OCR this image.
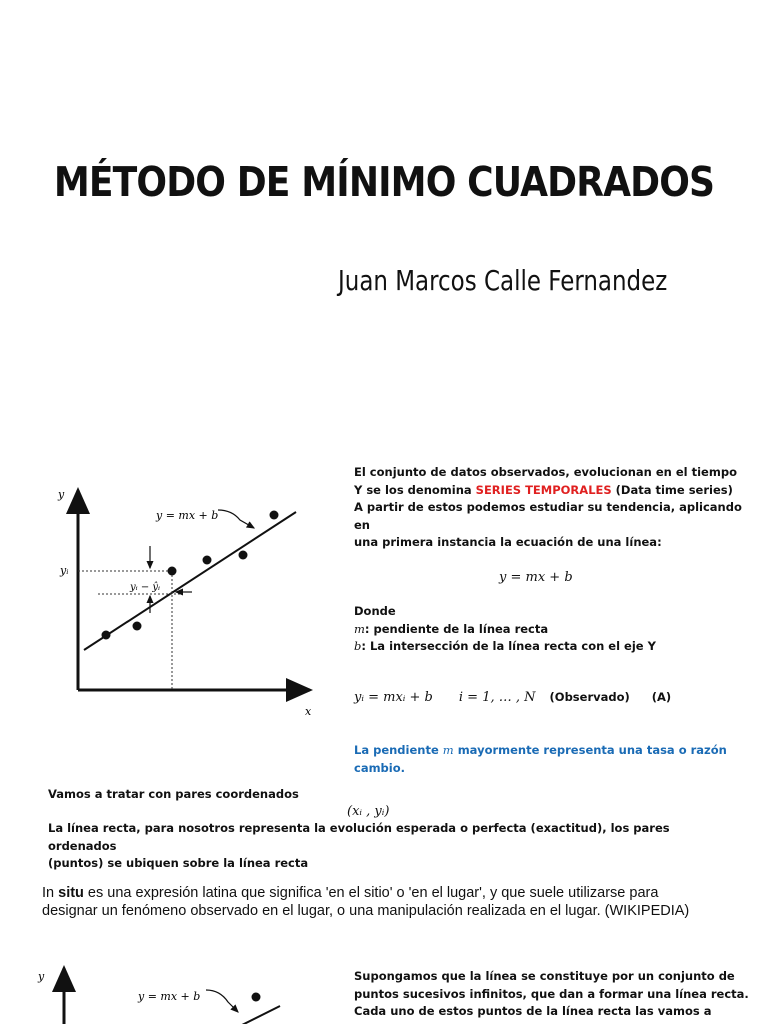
MÉTODO DE MÍNIMO CUADRADOS
Juan Marcos Calle Fernandez
y
x
yᵢ
y = mx + b
yᵢ − ŷᵢ
El conjunto de datos observados, evolucionan en el tiempo
Y se los denomina SERIES TEMPORALES (Data time series)
A partir de estos podemos estudiar su tendencia, aplicando en
una primera instancia la ecuación de una línea:
y = mx + b
Donde
m: pendiente de la línea recta
b: La intersección de la línea recta con el eje Y
yᵢ = mxᵢ + b i = 1, … , N (Observado) (A)
La pendiente m mayormente representa una tasa o razón
cambio.
Vamos a tratar con pares coordenados
(xᵢ , yᵢ)
La línea recta, para nosotros representa la evolución esperada o perfecta (exactitud), los pares ordenados
(puntos) se ubiquen sobre la línea recta
In situ es una expresión latina que significa 'en el sitio' o 'en el lugar', y que suele utilizarse para
designar un fenómeno observado en el lugar, o una manipulación realizada en el lugar. (WIKIPEDIA)
y
y = mx + b
Supongamos que la línea se constituye por un conjunto de
puntos sucesivos infinitos, que dan a formar una línea recta.
Cada uno de estos puntos de la línea recta las vamos a
